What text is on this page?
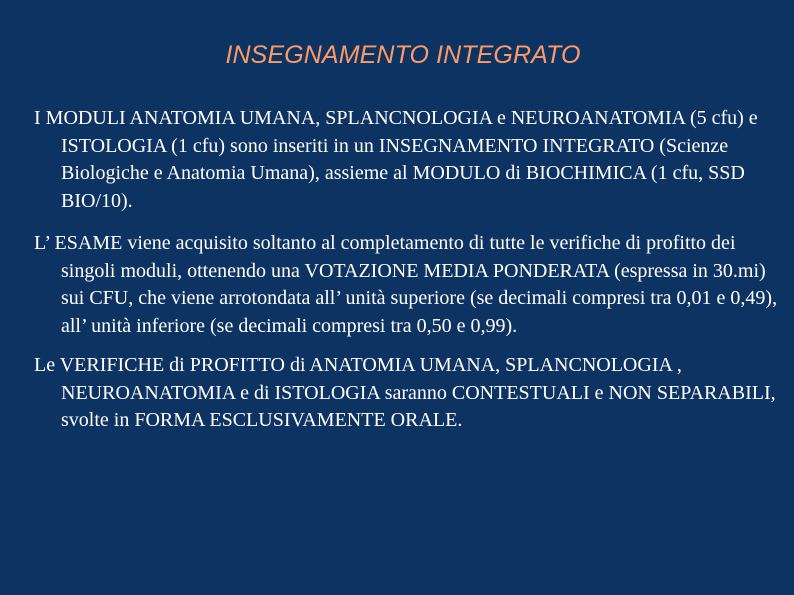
INSEGNAMENTO INTEGRATO

I MODULI ANATOMIA UMANA, SPLANCNOLOGIA e NEUROANATOMIA (5 cfu) e ISTOLOGIA (1 cfu) sono inseriti in un INSEGNAMENTO INTEGRATO (Scienze Biologiche e Anatomia Umana), assieme al MODULO di BIOCHIMICA (1 cfu, SSD BIO/10).

L’ ESAME viene acquisito soltanto al completamento di tutte le verifiche di profitto dei singoli moduli, ottenendo una VOTAZIONE MEDIA PONDERATA (espressa in 30.mi) sui CFU, che viene arrotondata all’ unità superiore (se decimali compresi tra 0,01 e 0,49), all’ unità inferiore (se decimali compresi tra 0,50 e 0,99).

Le VERIFICHE di PROFITTO di ANATOMIA UMANA, SPLANCNOLOGIA , NEUROANATOMIA e di ISTOLOGIA saranno CONTESTUALI e NON SEPARABILI, svolte in FORMA ESCLUSIVAMENTE ORALE.
